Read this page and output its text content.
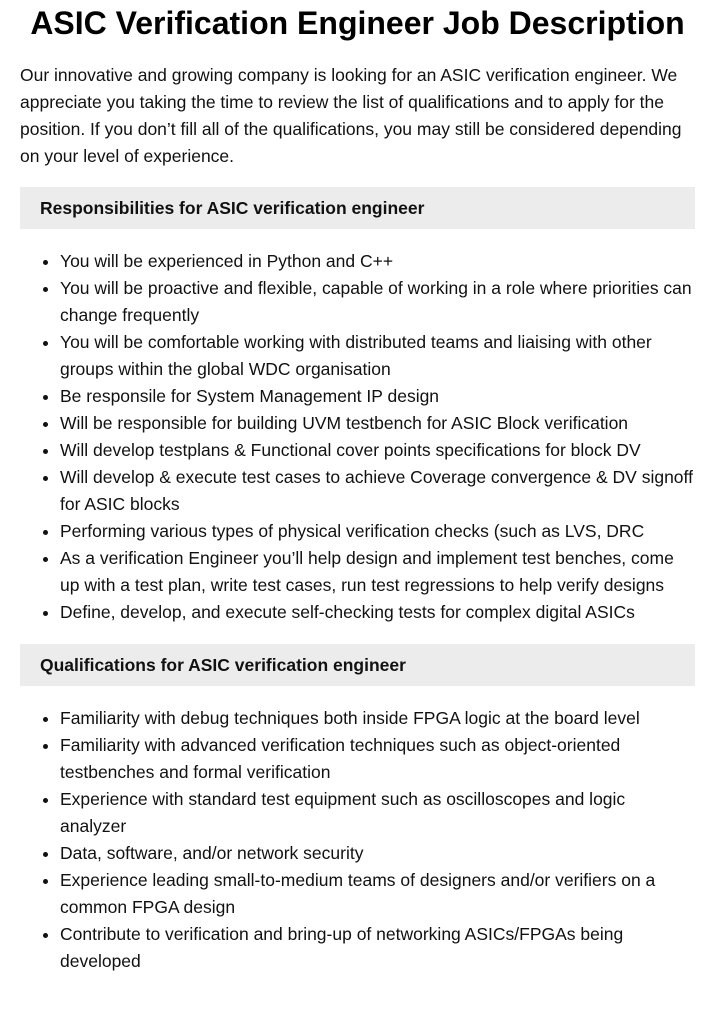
ASIC Verification Engineer Job Description

Our innovative and growing company is looking for an ASIC verification engineer. We appreciate you taking the time to review the list of qualifications and to apply for the position. If you don’t fill all of the qualifications, you may still be considered depending on your level of experience.

Responsibilities for ASIC verification engineer
• You will be experienced in Python and C++
• You will be proactive and flexible, capable of working in a role where priorities can change frequently
• You will be comfortable working with distributed teams and liaising with other groups within the global WDC organisation
• Be responsile for System Management IP design
• Will be responsible for building UVM testbench for ASIC Block verification
• Will develop testplans & Functional cover points specifications for block DV
• Will develop & execute test cases to achieve Coverage convergence & DV signoff for ASIC blocks
• Performing various types of physical verification checks (such as LVS, DRC
• As a verification Engineer you’ll help design and implement test benches, come up with a test plan, write test cases, run test regressions to help verify designs
• Define, develop, and execute self-checking tests for complex digital ASICs
Qualifications for ASIC verification engineer
• Familiarity with debug techniques both inside FPGA logic at the board level
• Familiarity with advanced verification techniques such as object-oriented testbenches and formal verification
• Experience with standard test equipment such as oscilloscopes and logic analyzer
• Data, software, and/or network security
• Experience leading small-to-medium teams of designers and/or verifiers on a common FPGA design
• Contribute to verification and bring-up of networking ASICs/FPGAs being developed
